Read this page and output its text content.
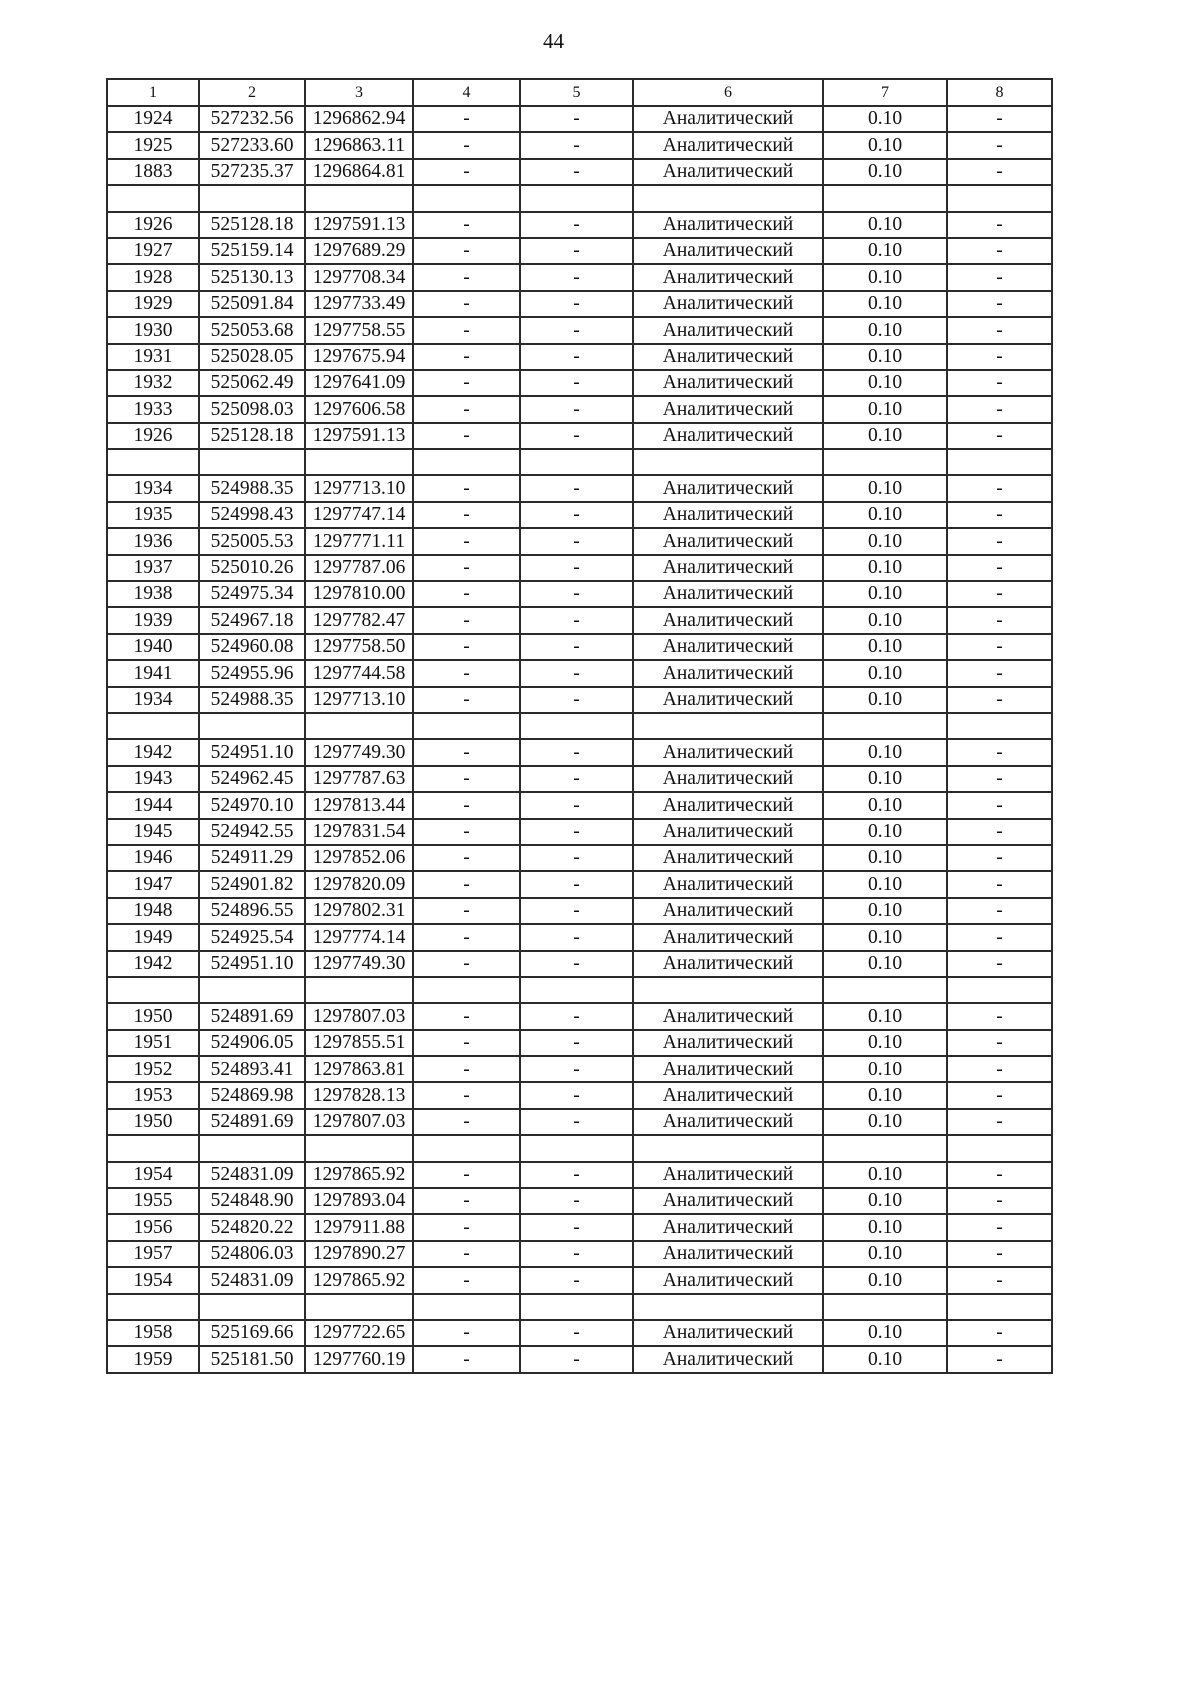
44
1	2	3	4	5	6	7	8
1924	527232.56	1296862.94	-	-	Аналитический	0.10	-
1925	527233.60	1296863.11	-	-	Аналитический	0.10	-
1883	527235.37	1296864.81	-	-	Аналитический	0.10	-

1926	525128.18	1297591.13	-	-	Аналитический	0.10	-
1927	525159.14	1297689.29	-	-	Аналитический	0.10	-
1928	525130.13	1297708.34	-	-	Аналитический	0.10	-
1929	525091.84	1297733.49	-	-	Аналитический	0.10	-
1930	525053.68	1297758.55	-	-	Аналитический	0.10	-
1931	525028.05	1297675.94	-	-	Аналитический	0.10	-
1932	525062.49	1297641.09	-	-	Аналитический	0.10	-
1933	525098.03	1297606.58	-	-	Аналитический	0.10	-
1926	525128.18	1297591.13	-	-	Аналитический	0.10	-

1934	524988.35	1297713.10	-	-	Аналитический	0.10	-
1935	524998.43	1297747.14	-	-	Аналитический	0.10	-
1936	525005.53	1297771.11	-	-	Аналитический	0.10	-
1937	525010.26	1297787.06	-	-	Аналитический	0.10	-
1938	524975.34	1297810.00	-	-	Аналитический	0.10	-
1939	524967.18	1297782.47	-	-	Аналитический	0.10	-
1940	524960.08	1297758.50	-	-	Аналитический	0.10	-
1941	524955.96	1297744.58	-	-	Аналитический	0.10	-
1934	524988.35	1297713.10	-	-	Аналитический	0.10	-

1942	524951.10	1297749.30	-	-	Аналитический	0.10	-
1943	524962.45	1297787.63	-	-	Аналитический	0.10	-
1944	524970.10	1297813.44	-	-	Аналитический	0.10	-
1945	524942.55	1297831.54	-	-	Аналитический	0.10	-
1946	524911.29	1297852.06	-	-	Аналитический	0.10	-
1947	524901.82	1297820.09	-	-	Аналитический	0.10	-
1948	524896.55	1297802.31	-	-	Аналитический	0.10	-
1949	524925.54	1297774.14	-	-	Аналитический	0.10	-
1942	524951.10	1297749.30	-	-	Аналитический	0.10	-

1950	524891.69	1297807.03	-	-	Аналитический	0.10	-
1951	524906.05	1297855.51	-	-	Аналитический	0.10	-
1952	524893.41	1297863.81	-	-	Аналитический	0.10	-
1953	524869.98	1297828.13	-	-	Аналитический	0.10	-
1950	524891.69	1297807.03	-	-	Аналитический	0.10	-

1954	524831.09	1297865.92	-	-	Аналитический	0.10	-
1955	524848.90	1297893.04	-	-	Аналитический	0.10	-
1956	524820.22	1297911.88	-	-	Аналитический	0.10	-
1957	524806.03	1297890.27	-	-	Аналитический	0.10	-
1954	524831.09	1297865.92	-	-	Аналитический	0.10	-

1958	525169.66	1297722.65	-	-	Аналитический	0.10	-
1959	525181.50	1297760.19	-	-	Аналитический	0.10	-
